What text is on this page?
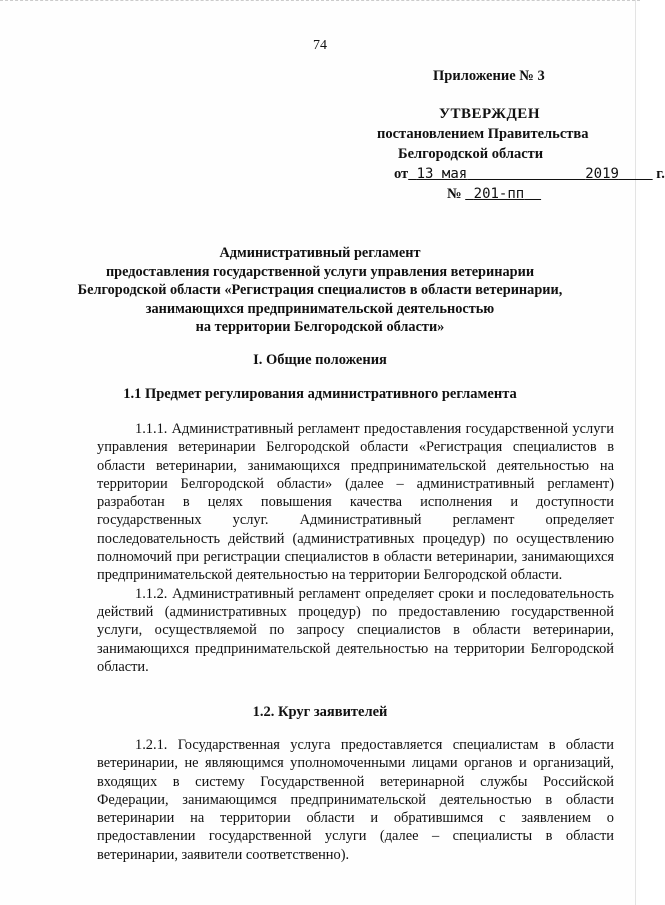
74
Приложение № 3
УТВЕРЖДЕН
постановлением Правительства
Белгородской области
от 13 мая	2019	г.
№ 201-пп
Административный регламент
предоставления государственной услуги управления ветеринарии
Белгородской области «Регистрация специалистов в области ветеринарии,
занимающихся предпринимательской деятельностью
на территории Белгородской области»
I. Общие положения
1.1 Предмет регулирования административного регламента

1.1.1. Административный регламент предоставления государственной услуги управления ветеринарии Белгородской области «Регистрация специалистов в области ветеринарии, занимающихся предпринимательской деятельностью на территории Белгородской области» (далее – административный регламент) разработан в целях повышения качества исполнения и доступности государственных услуг. Административный регламент определяет последовательность действий (административных процедур) по осуществлению полномочий при регистрации специалистов в области ветеринарии, занимающихся предпринимательской деятельностью на территории Белгородской области.

1.1.2. Административный регламент определяет сроки и последовательность действий (административных процедур) по предоставлению государственной услуги, осуществляемой по запросу специалистов в области ветеринарии, занимающихся предпринимательской деятельностью на территории Белгородской области.

1.2. Круг заявителей

1.2.1. Государственная услуга предоставляется специалистам в области ветеринарии, не являющимся уполномоченными лицами органов и организаций, входящих в систему Государственной ветеринарной службы Российской Федерации, занимающимся предпринимательской деятельностью в области ветеринарии на территории области и обратившимся с заявлением о предоставлении государственной услуги (далее – специалисты в области ветеринарии, заявители соответственно).
